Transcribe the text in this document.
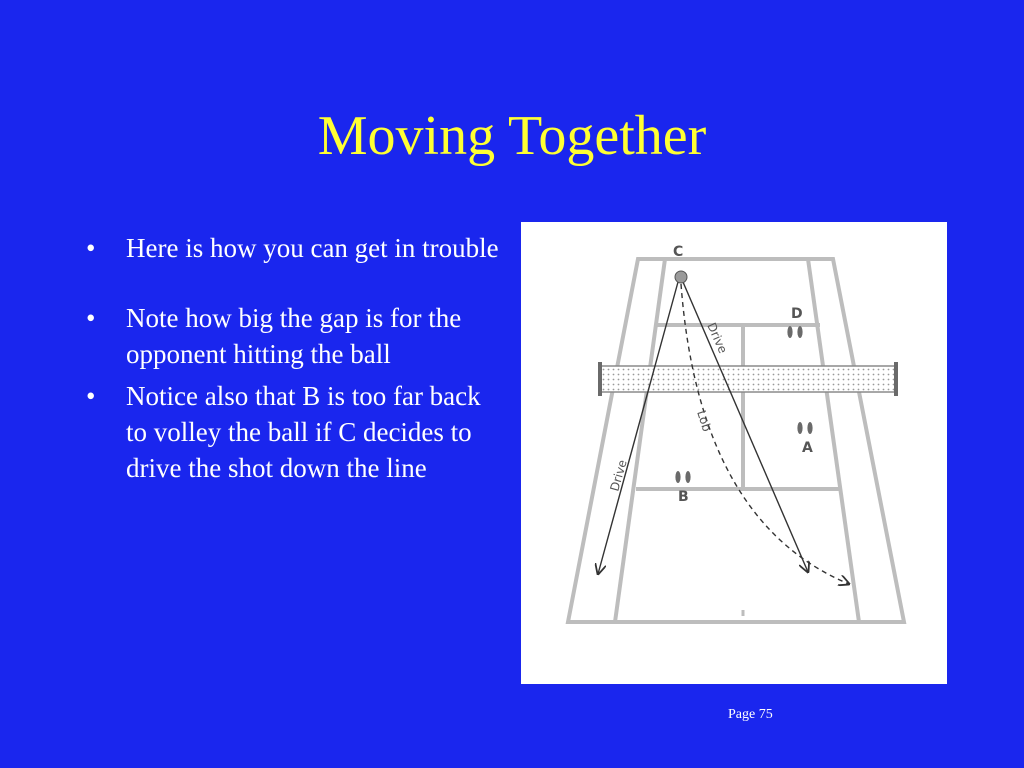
Moving Together
• Here is how you can get in trouble
• Note how big the gap is for the opponent hitting the ball
• Notice also that B is too far back to volley the ball if C decides to drive the shot down the line
C
D
A
B
Drive
Lob
Drive
Page 75
